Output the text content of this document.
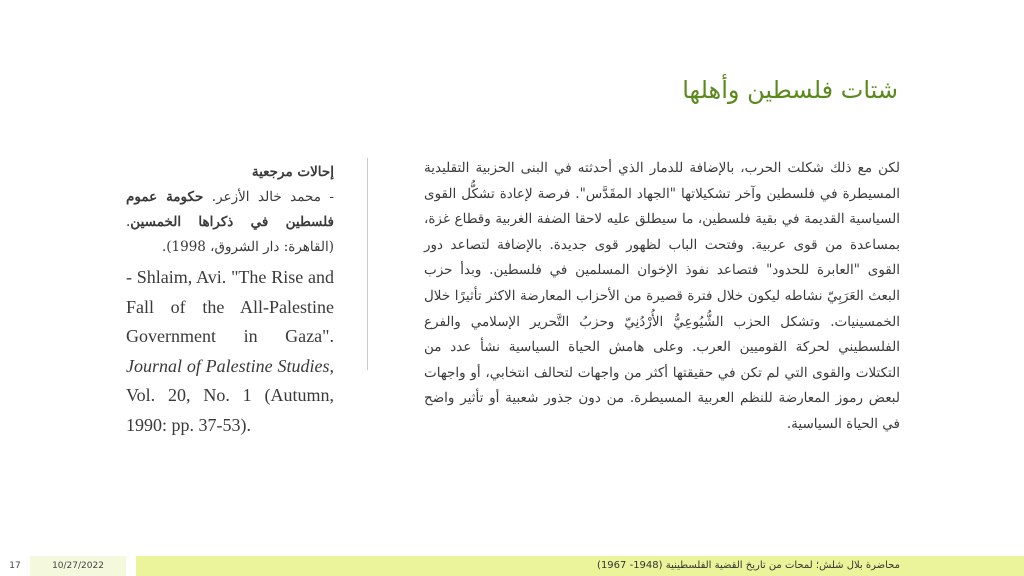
شتات فلسطين وأهلها

لكن مع ذلك شكلت الحرب، بالإضافة للدمار الذي أحدثته في البنى الحزبية التقليدية المسيطرة في فلسطين وآخر تشكيلاتها "الجهاد المقَدَّس". فرصة لإعادة تشكُّل القوى السياسية القديمة في بقية فلسطين، ما سيطلق عليه لاحقا الضفة الغربية وقطاع غزة، بمساعدة من قوى عربية. وفتحت الباب لظهور قوى جديدة. بالإضافة لتصاعد دور القوى "العابرة للحدود" فتصاعد نفوذ الإخوان المسلمين في فلسطين. وبدأ حزب البعث العَرَبِيّ نشاطه ليكون خلال فترة قصيرة من الأحزاب المعارضة الاكثر تأثيرًا خلال الخمسينيات. وتشكل الحزب الشُّيُوعِيُّ الأُرْدُنِيّ وحزبُ التَّحرير الإسلامي والفرع الفلسطيني لحركة القوميين العرب. وعلى هامش الحياة السياسية نشأ عدد من التكتلات والقوى التي لم تكن في حقيقتها أكثر من واجهات لتحالف انتخابي، أو واجهات لبعض رموز المعارضة للنظم العربية المسيطرة. من دون جذور شعبية أو تأثير واضح في الحياة السياسية.

إحالات مرجعية
- محمد خالد الأزعر. حكومة عموم فلسطين في ذكراها الخمسين. (القاهرة: دار الشروق، 1998).
- Shlaim, Avi. "The Rise and Fall of the All-Palestine Government in Gaza". Journal of Palestine Studies, Vol. 20, No. 1 (Autumn, 1990: pp. 37-53).
17	10/27/2022	محاضرة بلال شلش؛ لمحات من تاريخ القضية الفلسطينية (1948- 1967)
